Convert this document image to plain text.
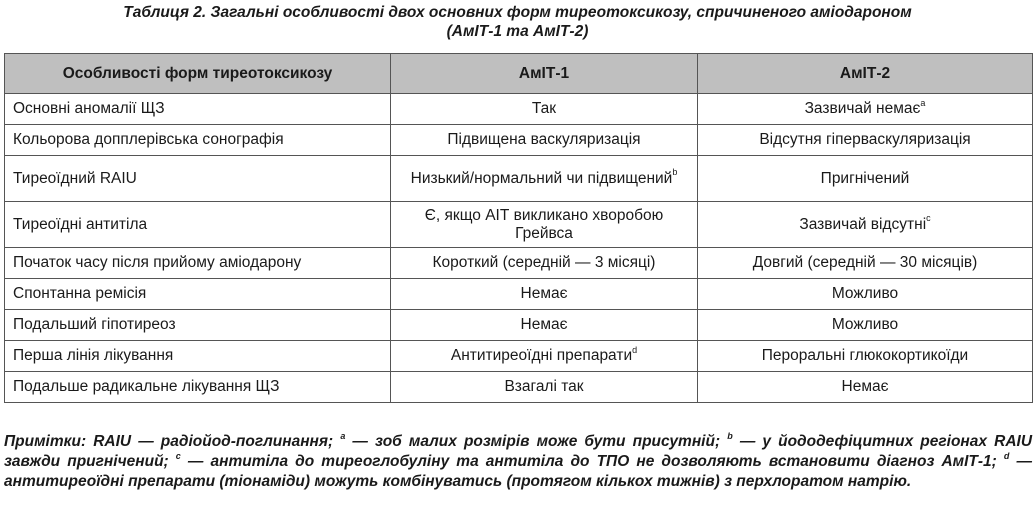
Таблиця 2. Загальні особливості двох основних форм тиреотоксикозу, спричиненого аміодароном
(АмІТ-1 та АмІТ-2)
Особливості форм тиреотоксикозу	АмІТ-1	АмІТ-2
Основні аномалії ЩЗ	Так	Зазвичай немає$^a$
Кольорова допплерівська сонографія	Підвищена васкуляризація	Відсутня гіперваскуляризація
Тиреоїдний RAIU	Низький/нормальний чи підвищений$^b$	Пригнічений
Тиреоїдні антитіла	Є, якщо АІТ викликано хворобою Грейвса	Зазвичай відсутні$^c$
Початок часу після прийому аміодарону	Короткий (середній — 3 місяці)	Довгий (середній — 30 місяців)
Спонтанна ремісія	Немає	Можливо
Подальший гіпотиреоз	Немає	Можливо
Перша лінія лікування	Антитиреоїдні препарати$^d$	Пероральні глюкокортикоїди
Подальше радикальне лікування ЩЗ	Взагалі так	Немає
Примітки: RAIU — радіойод-поглинання; $^a$ — зоб малих розмірів може бути присутній; $^b$ — у йододефіцитних регіонах RAIU завжди пригнічений; $^c$ — антитіла до тиреоглобуліну та антитіла до ТПО не дозволяють встановити діагноз АмІТ-1; $^d$ — антитиреоїдні препарати (тіонаміди) можуть комбінуватись (протягом кількох тижнів) з перхлоратом натрію.
